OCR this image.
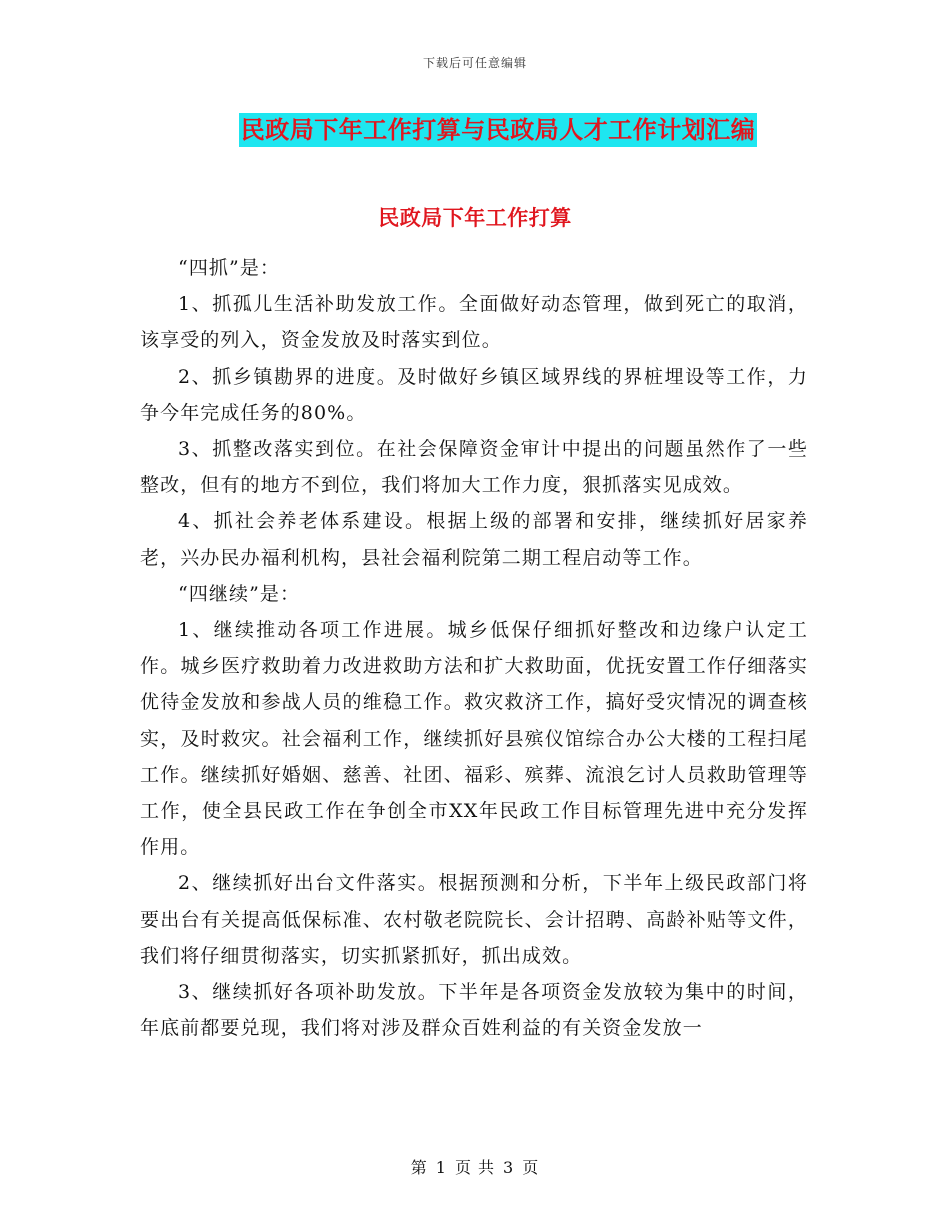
下载后可任意编辑
民政局下年工作打算与民政局人才工作计划汇编
民政局下年工作打算

“四抓”是：

1、抓孤儿生活补助发放工作。全面做好动态管理，做到死亡的取消，该享受的列入，资金发放及时落实到位。

2、抓乡镇勘界的进度。及时做好乡镇区域界线的界桩埋设等工作，力争今年完成任务的80%。

3、抓整改落实到位。在社会保障资金审计中提出的问题虽然作了一些整改，但有的地方不到位，我们将加大工作力度，狠抓落实见成效。

4、抓社会养老体系建设。根据上级的部署和安排，继续抓好居家养老，兴办民办福利机构，县社会福利院第二期工程启动等工作。

“四继续”是：

1、继续推动各项工作进展。城乡低保仔细抓好整改和边缘户认定工作。城乡医疗救助着力改进救助方法和扩大救助面，优抚安置工作仔细落实优待金发放和参战人员的维稳工作。救灾救济工作，搞好受灾情况的调查核实，及时救灾。社会福利工作，继续抓好县殡仪馆综合办公大楼的工程扫尾工作。继续抓好婚姻、慈善、社团、福彩、殡葬、流浪乞讨人员救助管理等工作，使全县民政工作在争创全市XX年民政工作目标管理先进中充分发挥作用。

2、继续抓好出台文件落实。根据预测和分析，下半年上级民政部门将要出台有关提高低保标准、农村敬老院院长、会计招聘、高龄补贴等文件，我们将仔细贯彻落实，切实抓紧抓好，抓出成效。

3、继续抓好各项补助发放。下半年是各项资金发放较为集中的时间，年底前都要兑现，我们将对涉及群众百姓利益的有关资金发放一

第 1 页 共 3 页
